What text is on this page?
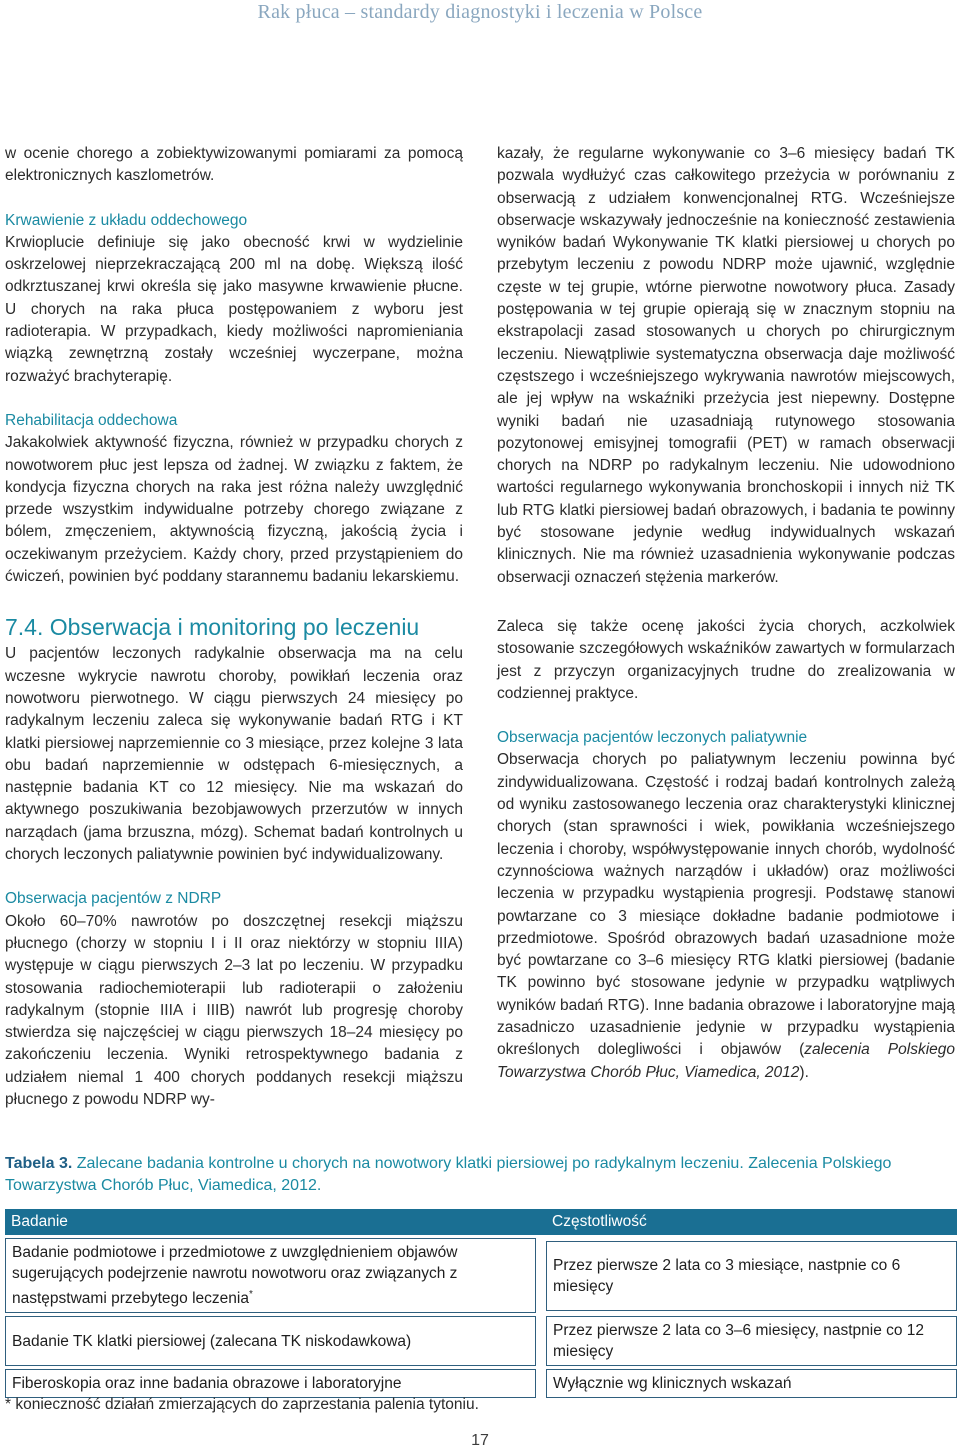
Rak płuca – standardy diagnostyki i leczenia w Polsce

w ocenie chorego a zobiektywizowanymi pomiarami za pomocą elektronicznych kaszlometrów.

Krwawienie z układu oddechowego

Krwioplucie definiuje się jako obecność krwi w wydzielinie oskrzelowej nieprzekraczającą 200 ml na dobę. Większą ilość odkrztuszanej krwi określa się jako masywne krwawienie płucne. U chorych na raka płuca postępowaniem z wyboru jest radioterapia. W przypadkach, kiedy możliwości napromieniania wiązką zewnętrzną zostały wcześniej wyczerpane, można rozważyć brachyterapię.

Rehabilitacja oddechowa

Jakakolwiek aktywność fizyczna, również w przypadku chorych z nowotworem płuc jest lepsza od żadnej. W związku z faktem, że kondycja fizyczna chorych na raka jest różna należy uwzględnić przede wszystkim indywidualne potrzeby chorego związane z bólem, zmęczeniem, aktywnością fizyczną, jakością życia i oczekiwanym przeżyciem. Każdy chory, przed przystąpieniem do ćwiczeń, powinien być poddany starannemu badaniu lekarskiemu.

7.4. Obserwacja i monitoring po leczeniu

U pacjentów leczonych radykalnie obserwacja ma na celu wczesne wykrycie nawrotu choroby, powikłań leczenia oraz nowotworu pierwotnego. W ciągu pierwszych 24 miesięcy po radykalnym leczeniu zaleca się wykonywanie badań RTG i KT klatki piersiowej naprzemiennie co 3 miesiące, przez kolejne 3 lata obu badań naprzemiennie w odstępach 6-miesięcznych, a następnie badania KT co 12 miesięcy. Nie ma wskazań do aktywnego poszukiwania bezobjawowych przerzutów w innych narządach (jama brzuszna, mózg). Schemat badań kontrolnych u chorych leczonych paliatywnie powinien być indywidualizowany.

Obserwacja pacjentów z NDRP

Około 60–70% nawrotów po doszczętnej resekcji miąższu płucnego (chorzy w stopniu I i II oraz niektórzy w stopniu IIIA) występuje w ciągu pierwszych 2–3 lat po leczeniu. W przypadku stosowania radiochemioterapii lub radioterapii o założeniu radykalnym (stopnie IIIA i IIIB) nawrót lub progresję choroby stwierdza się najczęściej w ciągu pierwszych 18–24 miesięcy po zakończeniu leczenia. Wyniki retrospektywnego badania z udziałem niemal 1 400 chorych poddanych resekcji miąższu płucnego z powodu NDRP wy-

kazały, że regularne wykonywanie co 3–6 miesięcy badań TK pozwala wydłużyć czas całkowitego przeżycia w porównaniu z obserwacją z udziałem konwencjonalnej RTG. Wcześniejsze obserwacje wskazywały jednocześnie na konieczność zestawienia wyników badań Wykonywanie TK klatki piersiowej u chorych po przebytym leczeniu z powodu NDRP może ujawnić, względnie częste w tej grupie, wtórne pierwotne nowotwory płuca. Zasady postępowania w tej grupie opierają się w znacznym stopniu na ekstrapolacji zasad stosowanych u chorych po chirurgicznym leczeniu. Niewątpliwie systematyczna obserwacja daje możliwość częstszego i wcześniejszego wykrywania nawrotów miejscowych, ale jej wpływ na wskaźniki przeżycia jest niepewny. Dostępne wyniki badań nie uzasadniają rutynowego stosowania pozytonowej emisyjnej tomografii (PET) w ramach obserwacji chorych na NDRP po radykalnym leczeniu. Nie udowodniono wartości regularnego wykonywania bronchoskopii i innych niż TK lub RTG klatki piersiowej badań obrazowych, i badania te powinny być stosowane jedynie według indywidualnych wskazań klinicznych. Nie ma również uzasadnienia wykonywanie podczas obserwacji oznaczeń stężenia markerów.

Zaleca się także ocenę jakości życia chorych, aczkolwiek stosowanie szczegółowych wskaźników zawartych w formularzach jest z przyczyn organizacyjnych trudne do zrealizowania w codziennej praktyce.

Obserwacja pacjentów leczonych paliatywnie

Obserwacja chorych po paliatywnym leczeniu powinna być zindywidualizowana. Częstość i rodzaj badań kontrolnych zależą od wyniku zastosowanego leczenia oraz charakterystyki klinicznej chorych (stan sprawności i wiek, powikłania wcześniejszego leczenia i choroby, współwystępowanie innych chorób, wydolność czynnościowa ważnych narządów i układów) oraz możliwości leczenia w przypadku wystąpienia progresji. Podstawę stanowi powtarzane co 3 miesiące dokładne badanie podmiotowe i przedmiotowe. Spośród obrazowych badań uzasadnione może być powtarzane co 3–6 miesięcy RTG klatki piersiowej (badanie TK powinno być stosowane jedynie w przypadku wątpliwych wyników badań RTG). Inne badania obrazowe i laboratoryjne mają zasadniczo uzasadnienie jedynie w przypadku wystąpienia określonych dolegliwości i objawów (zalecenia Polskiego Towarzystwa Chorób Płuc, Viamedica, 2012).

Tabela 3. Zalecane badania kontrolne u chorych na nowotwory klatki piersiowej po radykalnym leczeniu. Zalecenia Polskiego Towarzystwa Chorób Płuc, Viamedica, 2012.
Badanie	Częstotliwość

Badanie podmiotowe i przedmiotowe z uwzględnieniem objawów sugerujących podejrzenie nawrotu nowotworu oraz związanych z następstwami przebytego leczenia*	Przez pierwsze 2 lata co 3 miesiące, nastpnie co 6 miesięcy

Badanie TK klatki piersiowej (zalecana TK niskodawkowa)	Przez pierwsze 2 lata co 3–6 miesięcy, nastpnie co 12 miesięcy

Fiberoskopia oraz inne badania obrazowe i laboratoryjne	Wyłącznie wg klinicznych wskazań
* konieczność działań zmierzających do zaprzestania palenia tytoniu.
17
